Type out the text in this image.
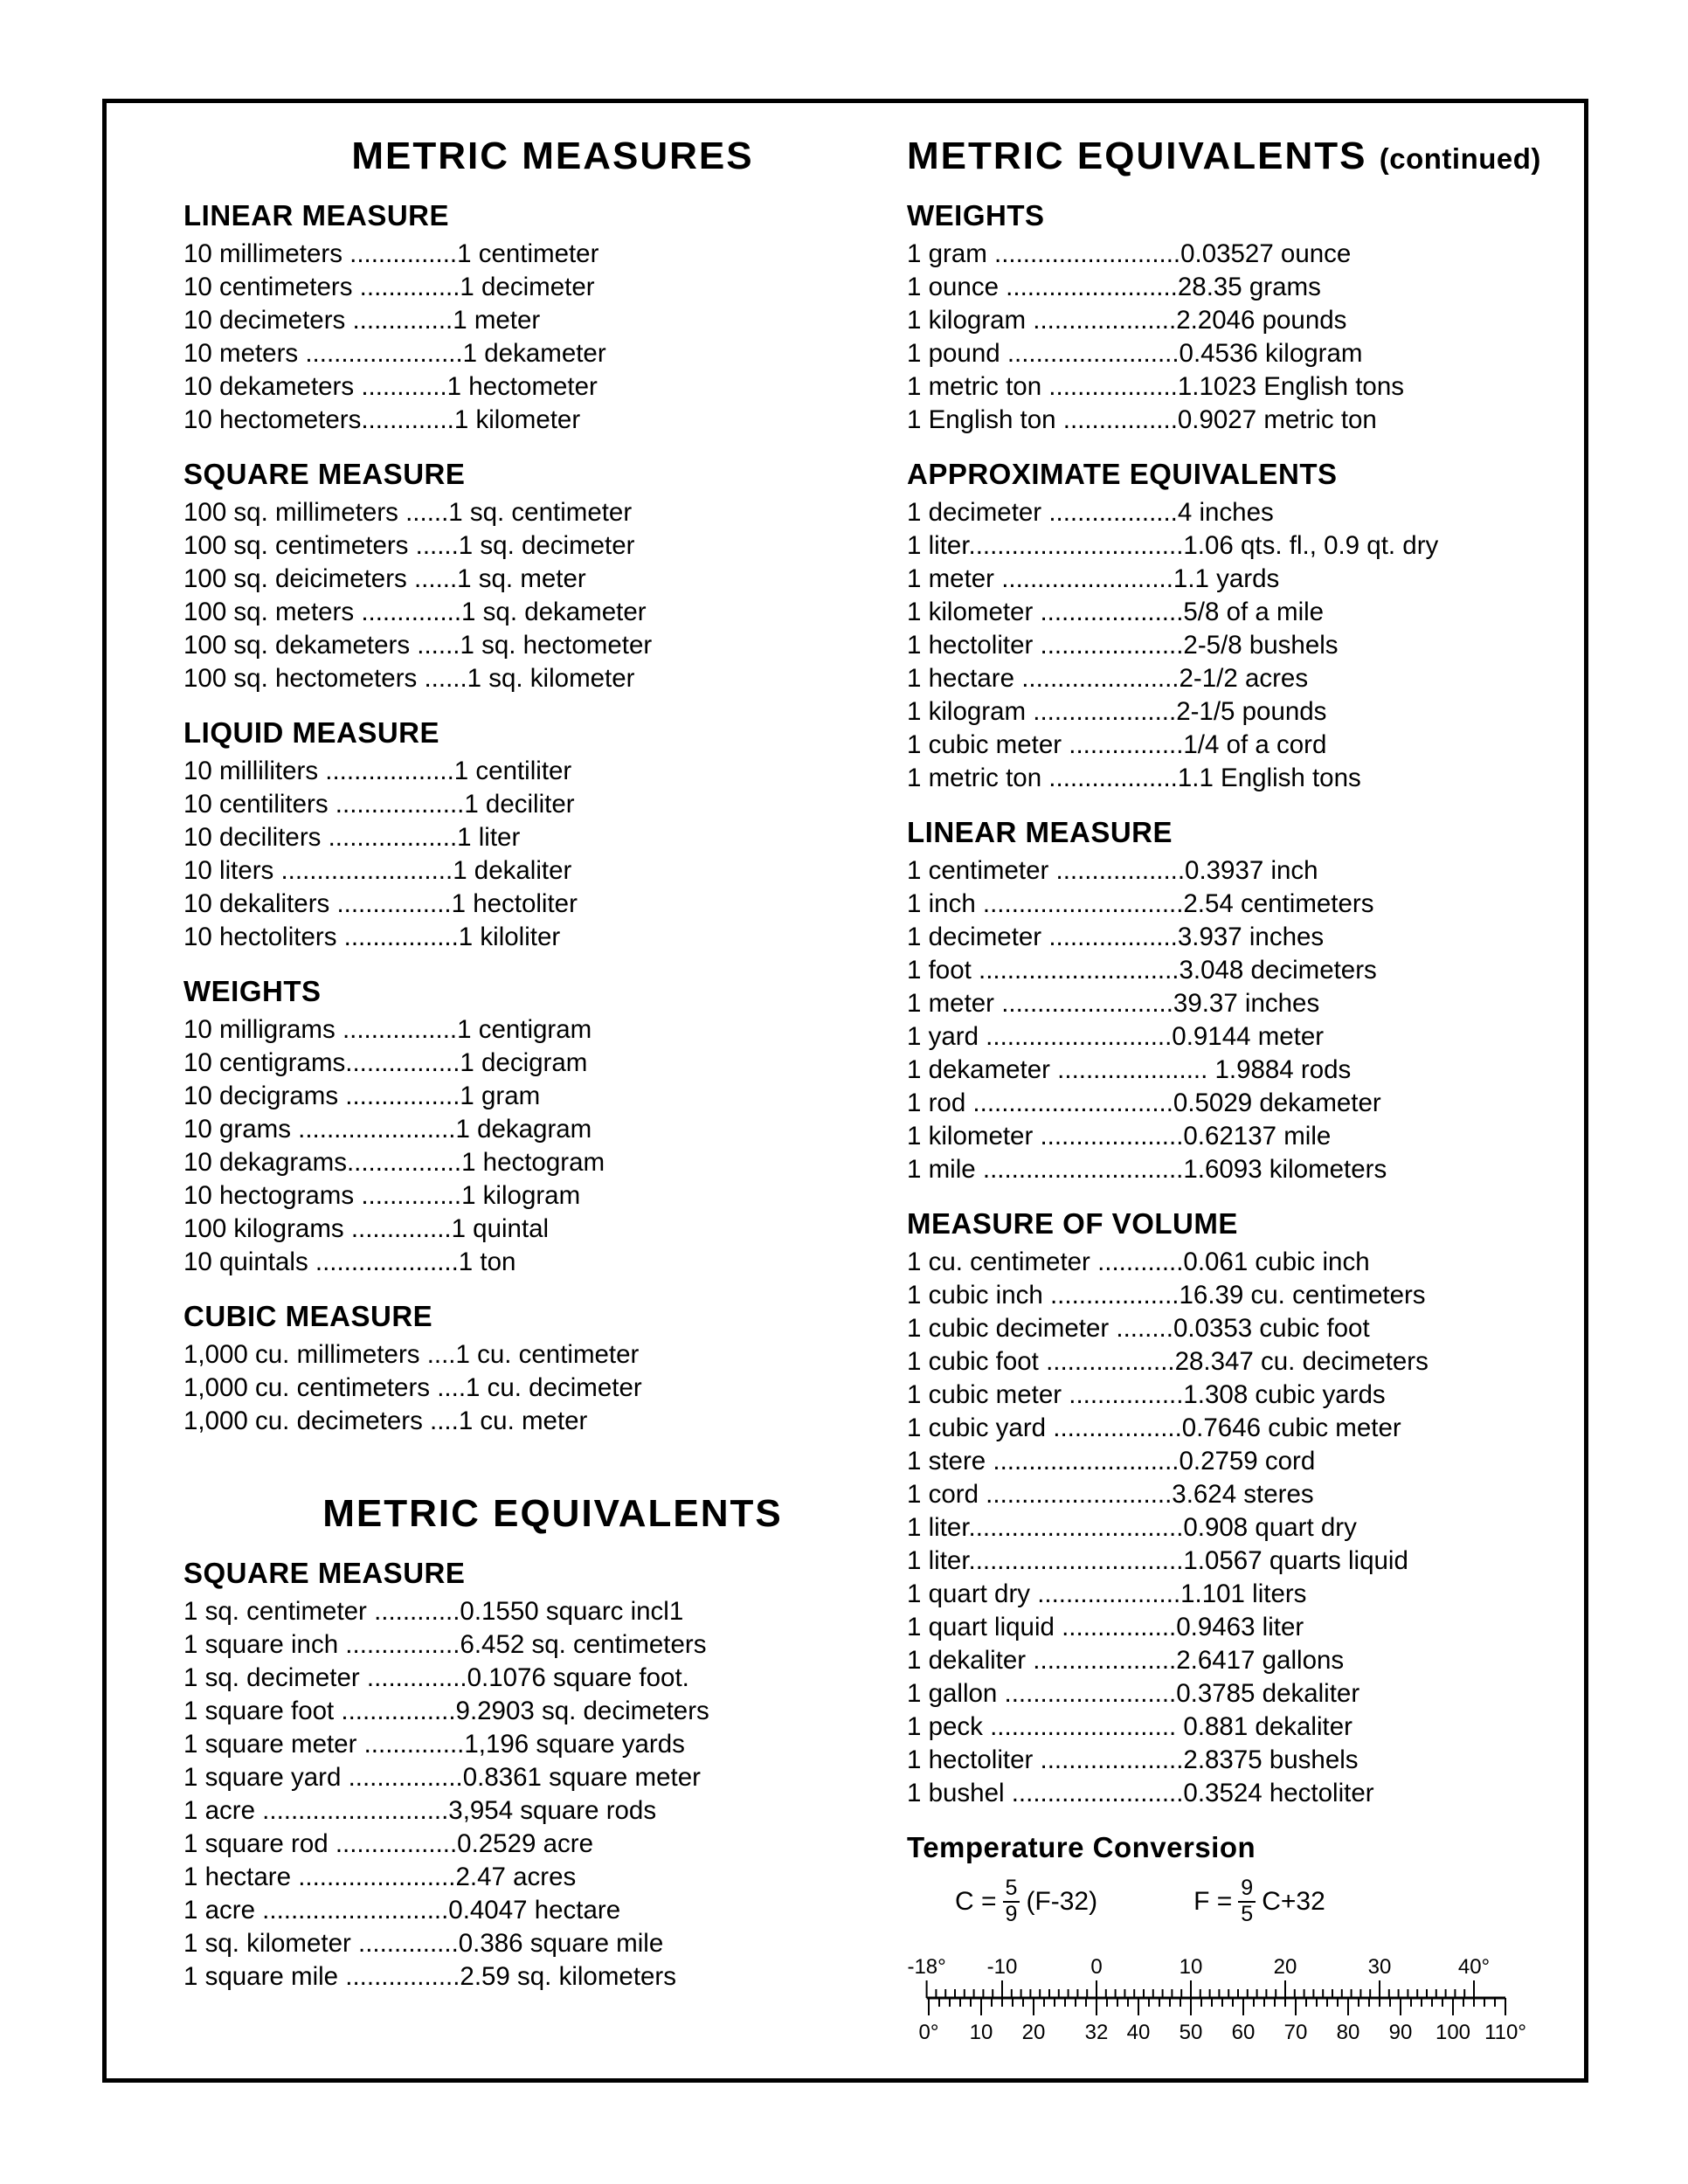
METRIC MEASURES
LINEAR MEASURE
10 millimeters ...............1 centimeter
10 centimeters ..............1 decimeter
10 decimeters ..............1 meter
10 meters ......................1 dekameter
10 dekameters ............1 hectometer
10 hectometers.............1 kilometer
SQUARE MEASURE
100 sq. millimeters ......1 sq. centimeter
100 sq. centimeters ......1 sq. decimeter
100 sq. deicimeters ......1 sq. meter
100 sq. meters ..............1 sq. dekameter
100 sq. dekameters ......1 sq. hectometer
100 sq. hectometers ......1 sq. kilometer
LIQUID MEASURE
10 milliliters ..................1 centiliter
10 centiliters ..................1 deciliter
10 deciliters ..................1 liter
10 liters ........................1 dekaliter
10 dekaliters ................1 hectoliter
10 hectoliters ................1 kiloliter
WEIGHTS
10 milligrams ................1 centigram
10 centigrams................1 decigram
10 decigrams ................1 gram
10 grams ......................1 dekagram
10 dekagrams................1 hectogram
10 hectograms ..............1 kilogram
100 kilograms ..............1 quintal
10 quintals ....................1 ton
CUBIC MEASURE
1,000 cu. millimeters ....1 cu. centimeter
1,000 cu. centimeters ....1 cu. decimeter
1,000 cu. decimeters ....1 cu. meter
METRIC EQUIVALENTS
SQUARE MEASURE
1 sq. centimeter ............0.1550 squarc incl1
1 square inch ................6.452 sq. centimeters
1 sq. decimeter ..............0.1076 square foot.
1 square foot ................9.2903 sq. decimeters
1 square meter ..............1,196 square yards
1 square yard ................0.8361 square meter
1 acre ..........................3,954 square rods
1 square rod .................0.2529 acre
1 hectare ......................2.47 acres
1 acre ..........................0.4047 hectare
1 sq. kilometer ..............0.386 square mile
1 square mile ................2.59 sq. kilometers
METRIC EQUIVALENTS (continued)
WEIGHTS
1 gram ..........................0.03527 ounce
1 ounce ........................28.35 grams
1 kilogram ....................2.2046 pounds
1 pound ........................0.4536 kilogram
1 metric ton ..................1.1023 English tons
1 English ton ................0.9027 metric ton
APPROXIMATE EQUIVALENTS
1 decimeter ..................4 inches
1 liter..............................1.06 qts. fl., 0.9 qt. dry
1 meter ........................1.1 yards
1 kilometer ....................5/8 of a mile
1 hectoliter ....................2-5/8 bushels
1 hectare ......................2-1/2 acres
1 kilogram ....................2-1/5 pounds
1 cubic meter ................1/4 of a cord
1 metric ton ..................1.1 English tons
LINEAR MEASURE
1 centimeter ..................0.3937 inch
1 inch ............................2.54 centimeters
1 decimeter ..................3.937 inches
1 foot ............................3.048 decimeters
1 meter ........................39.37 inches
1 yard ..........................0.9144 meter
1 dekameter ..................... 1.9884 rods
1 rod ............................0.5029 dekameter
1 kilometer ....................0.62137 mile
1 mile ............................1.6093 kilometers
MEASURE OF VOLUME
1 cu. centimeter ............0.061 cubic inch
1 cubic inch ..................16.39 cu. centimeters
1 cubic decimeter ........0.0353 cubic foot
1 cubic foot ..................28.347 cu. decimeters
1 cubic meter ................1.308 cubic yards
1 cubic yard ..................0.7646 cubic meter
1 stere ..........................0.2759 cord
1 cord ..........................3.624 steres
1 liter..............................0.908 quart dry
1 liter..............................1.0567 quarts liquid
1 quart dry ....................1.101 liters
1 quart liquid ................0.9463 liter
1 dekaliter ....................2.6417 gallons
1 gallon ........................0.3785 dekaliter
1 peck .......................... 0.881 dekaliter
1 hectoliter ....................2.8375 bushels
1 bushel ........................0.3524 hectoliter
Temperature Conversion
$C = \frac{5}{9} (F-32)$	$F = \frac{9}{5} C+32$
-18° -10	0	10	20	30	40°
0° 10 20 32 40 50 60 70 80 90 100 110°
